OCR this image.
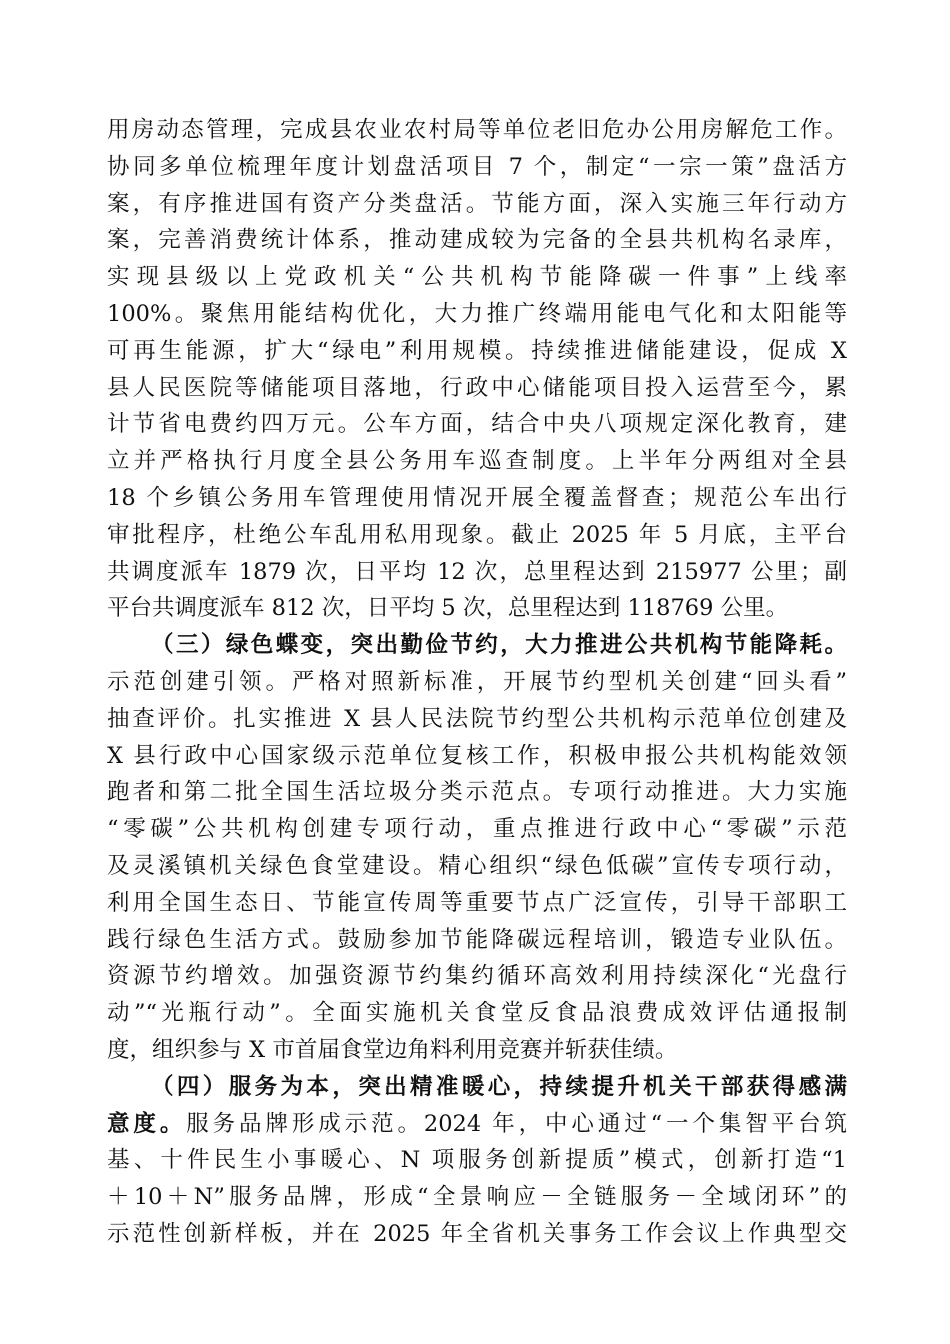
用房动态管理，完成县农业农村局等单位老旧危办公用房解危工作。
协同多单位梳理年度计划盘活项目 7 个，制定“一宗一策”盘活方
案，有序推进国有资产分类盘活。节能方面，深入实施三年行动方
案，完善消费统计体系，推动建成较为完备的全县共机构名录库，
实现县级以上党政机关“公共机构节能降碳一件事”上线率
100%。聚焦用能结构优化，大力推广终端用能电气化和太阳能等
可再生能源，扩大“绿电”利用规模。持续推进储能建设，促成 X
县人民医院等储能项目落地，行政中心储能项目投入运营至今，累
计节省电费约四万元。公车方面，结合中央八项规定深化教育，建
立并严格执行月度全县公务用车巡查制度。上半年分两组对全县
18 个乡镇公务用车管理使用情况开展全覆盖督查；规范公车出行
审批程序，杜绝公车乱用私用现象。截止 2025 年 5 月底，主平台
共调度派车 1879 次，日平均 12 次，总里程达到 215977 公里；副
平台共调度派车 812 次，日平均 5 次，总里程达到 118769 公里。

（三）绿色蝶变，突出勤俭节约，大力推进公共机构节能降耗。
示范创建引领。严格对照新标准，开展节约型机关创建“回头看”
抽查评价。扎实推进 X 县人民法院节约型公共机构示范单位创建及
X 县行政中心国家级示范单位复核工作，积极申报公共机构能效领
跑者和第二批全国生活垃圾分类示范点。专项行动推进。大力实施
“零碳”公共机构创建专项行动，重点推进行政中心“零碳”示范
及灵溪镇机关绿色食堂建设。精心组织“绿色低碳”宣传专项行动，
利用全国生态日、节能宣传周等重要节点广泛宣传，引导干部职工
践行绿色生活方式。鼓励参加节能降碳远程培训，锻造专业队伍。
资源节约增效。加强资源节约集约循环高效利用持续深化“光盘行
动”“光瓶行动”。全面实施机关食堂反食品浪费成效评估通报制
度，组织参与 X 市首届食堂边角料利用竞赛并斩获佳绩。

（四）服务为本，突出精准暖心，持续提升机关干部获得感满
意度。服务品牌形成示范。2024 年，中心通过“一个集智平台筑
基、十件民生小事暖心、N 项服务创新提质”模式，创新打造“1
＋10＋N”服务品牌，形成“全景响应－全链服务－全域闭环”的
示范性创新样板，并在 2025 年全省机关事务工作会议上作典型交
